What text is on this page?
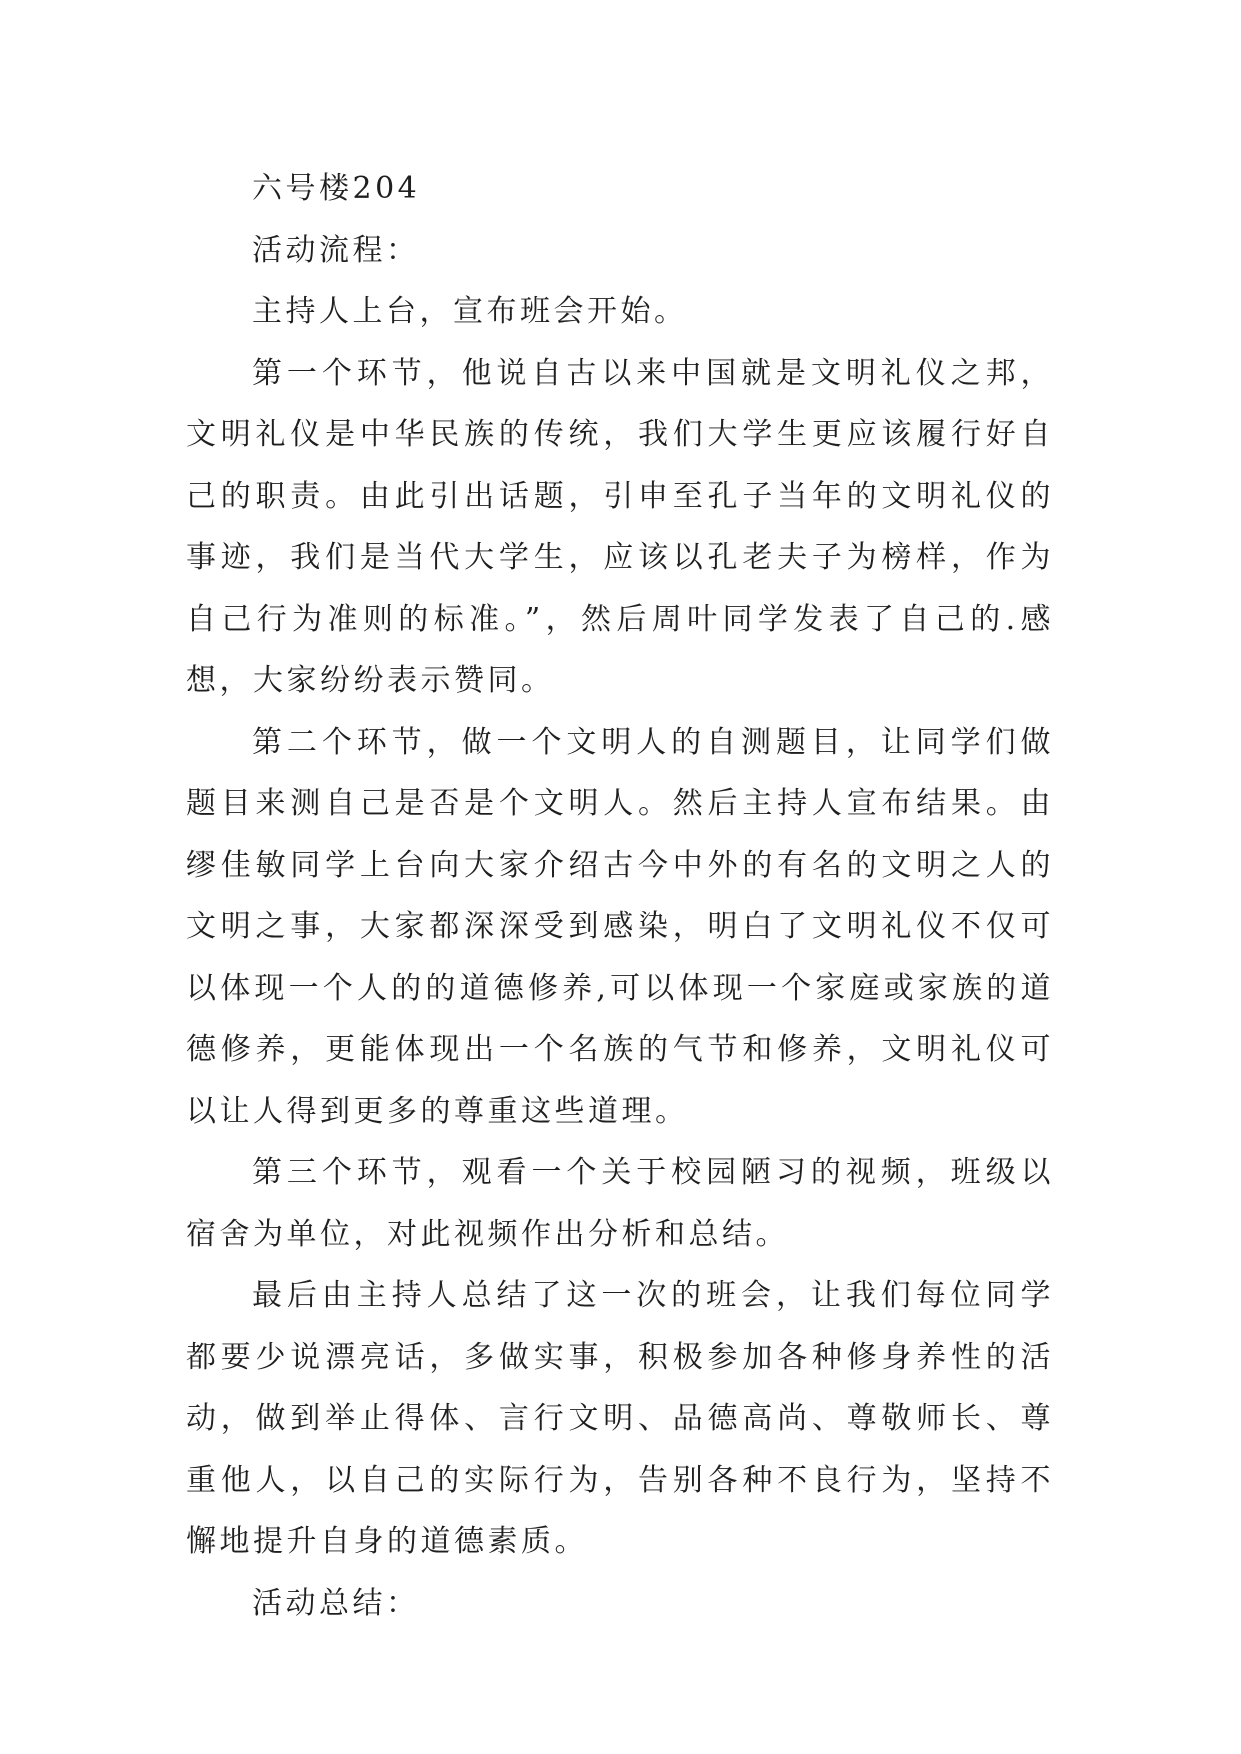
六号楼204

活动流程：

主持人上台，宣布班会开始。

第一个环节，他说自古以来中国就是文明礼仪之邦，文明礼仪是中华民族的传统，我们大学生更应该履行好自己的职责。由此引出话题，引申至孔子当年的文明礼仪的事迹，我们是当代大学生，应该以孔老夫子为榜样，作为自己行为准则的标准。”，然后周叶同学发表了自己的.感想，大家纷纷表示赞同。

第二个环节，做一个文明人的自测题目，让同学们做题目来测自己是否是个文明人。然后主持人宣布结果。由缪佳敏同学上台向大家介绍古今中外的有名的文明之人的文明之事，大家都深深受到感染，明白了文明礼仪不仅可以体现一个人的的道德修养,可以体现一个家庭或家族的道德修养，更能体现出一个名族的气节和修养，文明礼仪可以让人得到更多的尊重这些道理。

第三个环节，观看一个关于校园陋习的视频，班级以宿舍为单位，对此视频作出分析和总结。

最后由主持人总结了这一次的班会，让我们每位同学都要少说漂亮话，多做实事，积极参加各种修身养性的活动，做到举止得体、言行文明、品德高尚、尊敬师长、尊重他人，以自己的实际行为，告别各种不良行为，坚持不懈地提升自身的道德素质。

活动总结：
